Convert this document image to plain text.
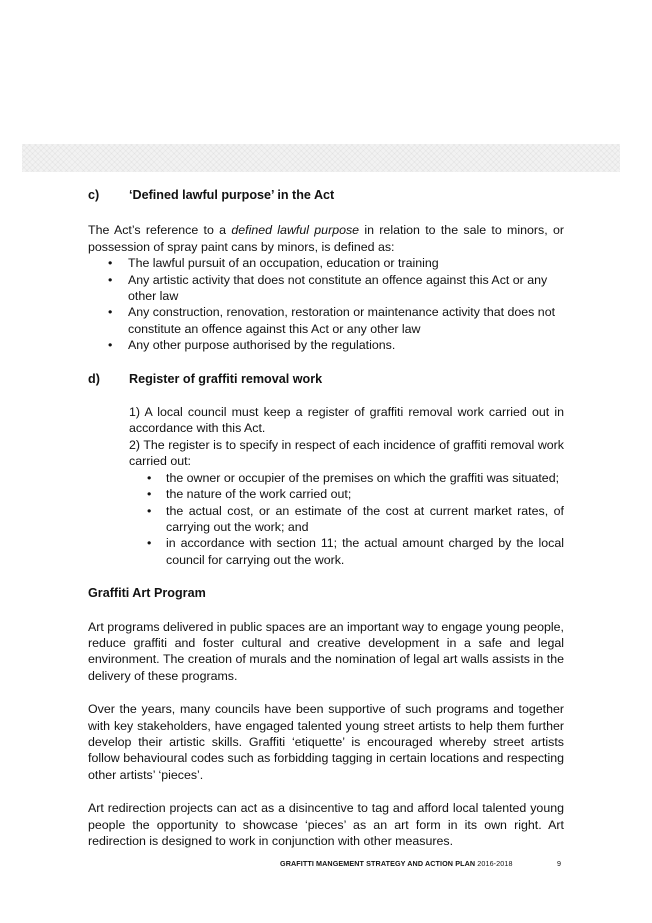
c)	‘Defined lawful purpose’ in the Act

The Act’s reference to a defined lawful purpose in relation to the sale to minors, or possession of spray paint cans by minors, is defined as:

• The lawful pursuit of an occupation, education or training
• Any artistic activity that does not constitute an offence against this Act or any other law
• Any construction, renovation, restoration or maintenance activity that does not constitute an offence against this Act or any other law
• Any other purpose authorised by the regulations.
d)	Register of graffiti removal work

1) A local council must keep a register of graffiti removal work carried out in accordance with this Act.

2) The register is to specify in respect of each incidence of graffiti removal work carried out:

• the owner or occupier of the premises on which the graffiti was situated;
• the nature of the work carried out;
• the actual cost, or an estimate of the cost at current market rates, of carrying out the work; and
• in accordance with section 11; the actual amount charged by the local council for carrying out the work.
Graffiti Art Program

Art programs delivered in public spaces are an important way to engage young people, reduce graffiti and foster cultural and creative development in a safe and legal environment. The creation of murals and the nomination of legal art walls assists in the delivery of these programs.

Over the years, many councils have been supportive of such programs and together with key stakeholders, have engaged talented young street artists to help them further develop their artistic skills. Graffiti ‘etiquette’ is encouraged whereby street artists follow behavioural codes such as forbidding tagging in certain locations and respecting other artists’ ‘pieces’.

Art redirection projects can act as a disincentive to tag and afford local talented young people the opportunity to showcase ‘pieces’ as an art form in its own right. Art redirection is designed to work in conjunction with other measures.

GRAFITTI MANGEMENT STRATEGY AND ACTION PLAN 2016-2018	9
